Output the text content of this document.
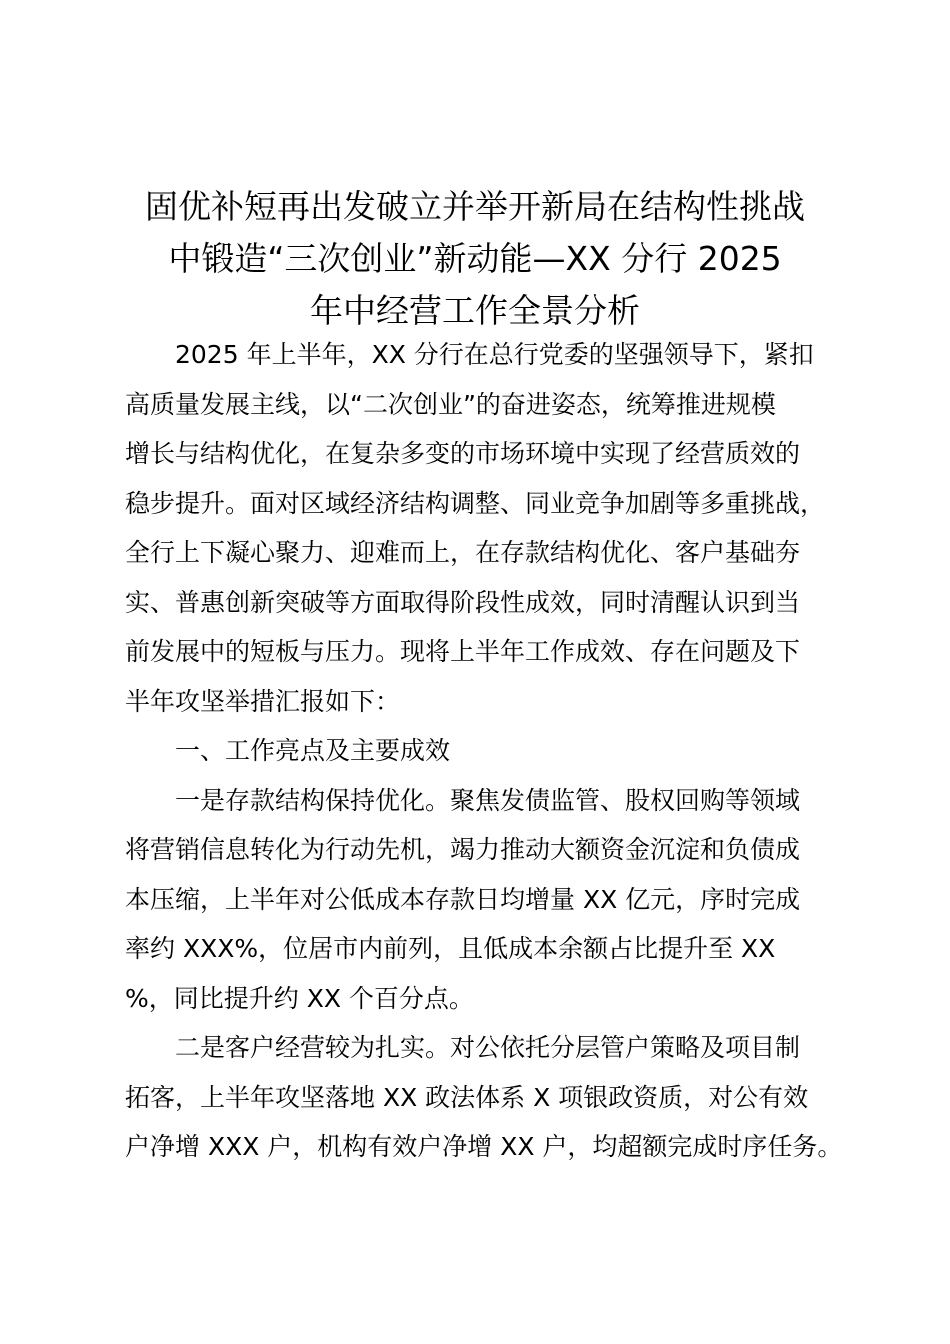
固优补短再出发破立并举开新局在结构性挑战
中锻造“三次创业”新动能—XX 分行 2025
年中经营工作全景分析

　　2025 年上半年，XX 分行在总行党委的坚强领导下，紧扣
高质量发展主线，以“二次创业”的奋进姿态，统筹推进规模
增长与结构优化，在复杂多变的市场环境中实现了经营质效的
稳步提升。面对区域经济结构调整、同业竞争加剧等多重挑战，
全行上下凝心聚力、迎难而上，在存款结构优化、客户基础夯
实、普惠创新突破等方面取得阶段性成效，同时清醒认识到当
前发展中的短板与压力。现将上半年工作成效、存在问题及下
半年攻坚举措汇报如下：

　　一、工作亮点及主要成效

　　一是存款结构保持优化。聚焦发债监管、股权回购等领域
将营销信息转化为行动先机，竭力推动大额资金沉淀和负债成
本压缩，上半年对公低成本存款日均增量 XX 亿元，序时完成
率约 XXX%，位居市内前列，且低成本余额占比提升至 XX
%，同比提升约 XX 个百分点。

　　二是客户经营较为扎实。对公依托分层管户策略及项目制
拓客，上半年攻坚落地 XX 政法体系 X 项银政资质，对公有效
户净增 XXX 户，机构有效户净增 XX 户，均超额完成时序任务。
